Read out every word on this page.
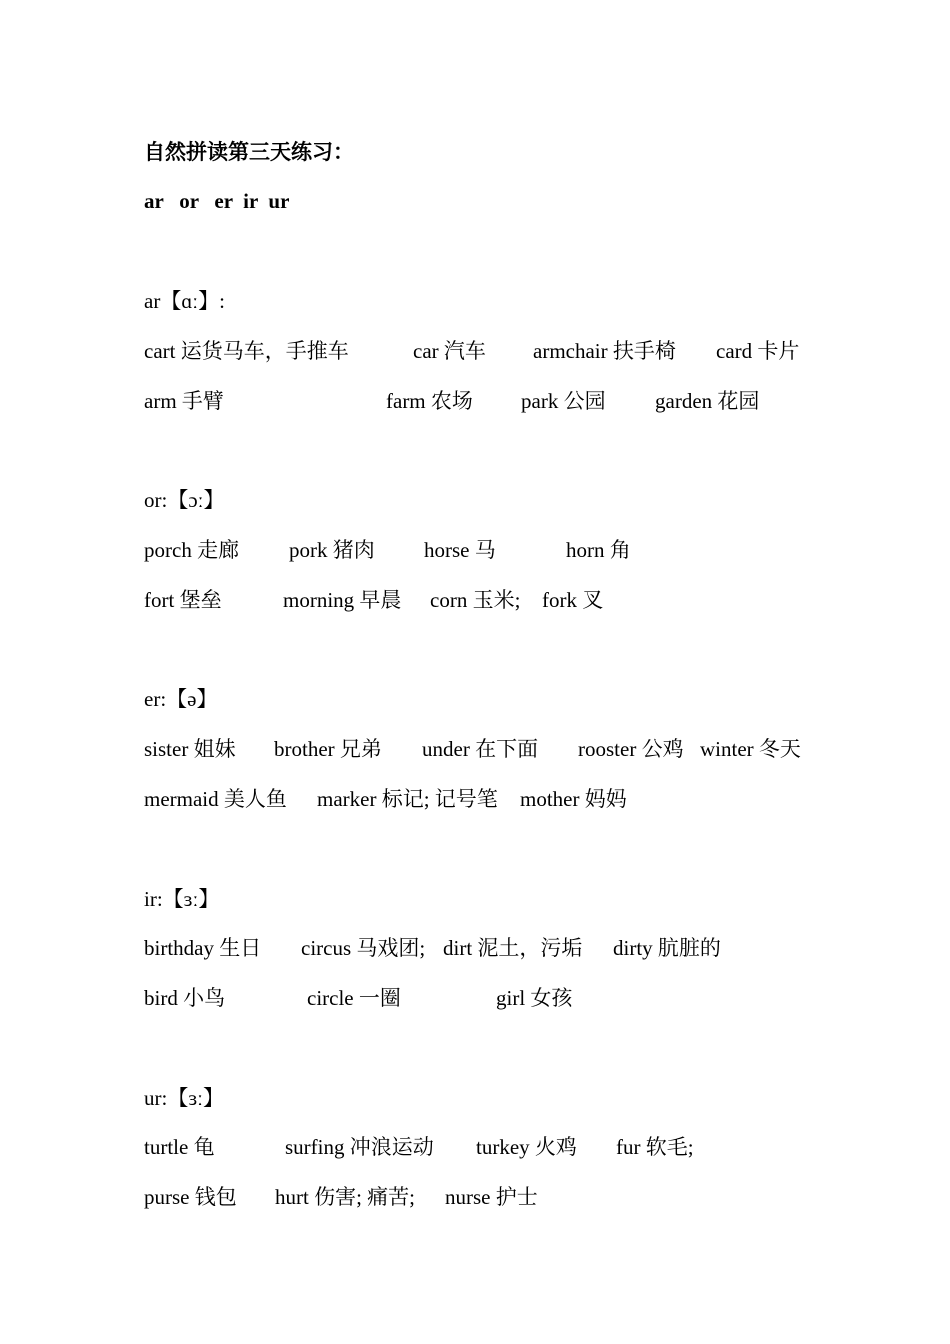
自然拼读第三天练习：
ar   or   er  ir  ur
ar【ɑː】:
cart 运货马车，手推车	car 汽车 armchair 扶手椅 card 卡片
arm 手臂	farm 农场 park 公园 garden 花园
or:【ɔː】
porch 走廊 pork 猪肉 horse 马	horn 角
fort 堡垒	morning 早晨 corn 玉米; fork 叉
er:【ə】
sister 姐妹 brother 兄弟 under 在下面 rooster 公鸡 winter 冬天
mermaid 美人鱼 marker 标记; 记号笔 mother 妈妈
ir:【ɜː】
birthday 生日 circus 马戏团; dirt 泥土，污垢 dirty 肮脏的
bird 小鸟	circle 一圈	girl 女孩
ur:【ɜː】
turtle 龟	surfing 冲浪运动 turkey 火鸡 fur 软毛;
purse 钱包 hurt 伤害; 痛苦; nurse 护士
